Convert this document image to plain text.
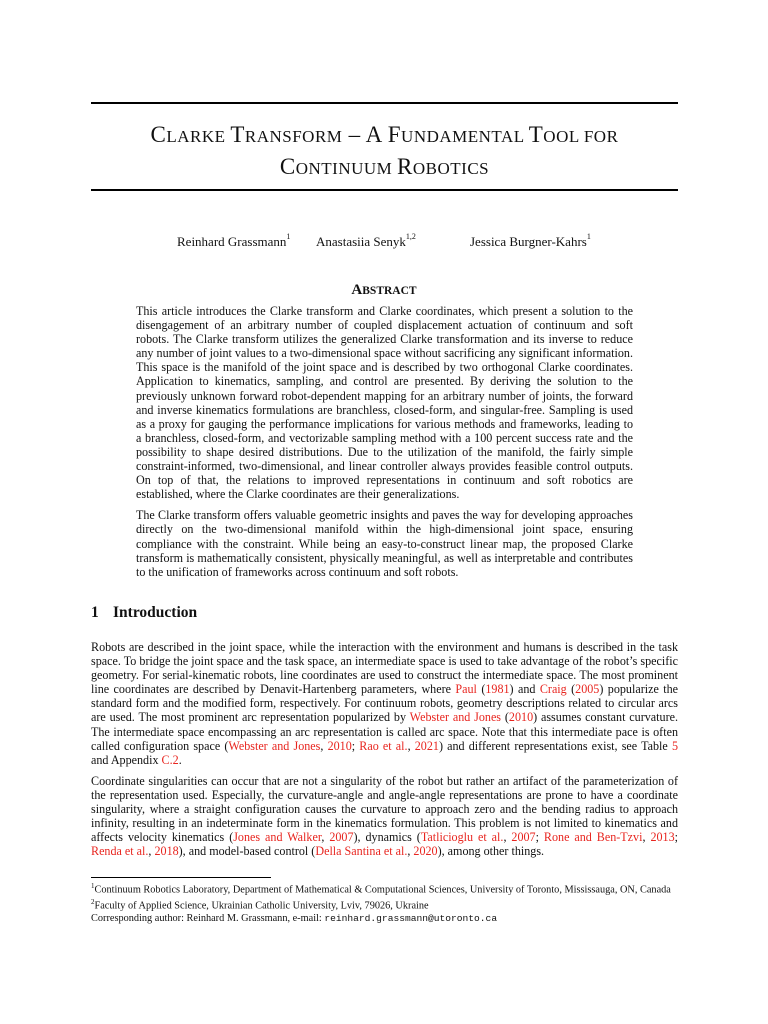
CLARKE TRANSFORM – A FUNDAMENTAL TOOL FOR
CONTINUUM ROBOTICS
Reinhard Grassmann$^1$ Anastasiia Senyk$^{1,2}$	Jessica Burgner-Kahrs$^1$
ABSTRACT

This article introduces the Clarke transform and Clarke coordinates, which present a solution to the disengagement of an arbitrary number of coupled displacement actuation of continuum and soft robots. The Clarke transform utilizes the generalized Clarke transformation and its inverse to reduce any number of joint values to a two-dimensional space without sacrificing any significant information. This space is the manifold of the joint space and is described by two orthogonal Clarke coordinates. Application to kinematics, sampling, and control are presented. By deriving the solution to the previously unknown forward robot-dependent mapping for an arbitrary number of joints, the forward and inverse kinematics formulations are branchless, closed-form, and singular-free. Sampling is used as a proxy for gauging the performance implications for various methods and frameworks, leading to a branchless, closed-form, and vectorizable sampling method with a 100 percent success rate and the possibility to shape desired distributions. Due to the utilization of the manifold, the fairly simple constraint-informed, two-dimensional, and linear controller always provides feasible control outputs. On top of that, the relations to improved representations in continuum and soft robotics are established, where the Clarke coordinates are their generalizations.

The Clarke transform offers valuable geometric insights and paves the way for developing approaches directly on the two-dimensional manifold within the high-dimensional joint space, ensuring compliance with the constraint. While being an easy-to-construct linear map, the proposed Clarke transform is mathematically consistent, physically meaningful, as well as interpretable and contributes to the unification of frameworks across continuum and soft robots.

1 Introduction

Robots are described in the joint space, while the interaction with the environment and humans is described in the task space. To bridge the joint space and the task space, an intermediate space is used to take advantage of the robot’s specific geometry. For serial-kinematic robots, line coordinates are used to construct the intermediate space. The most prominent line coordinates are described by Denavit-Hartenberg parameters, where Paul (1981) and Craig (2005) popularize the standard form and the modified form, respectively. For continuum robots, geometry descriptions related to circular arcs are used. The most prominent arc representation popularized by Webster and Jones (2010) assumes constant curvature. The intermediate space encompassing an arc representation is called arc space. Note that this intermediate pace is often called configuration space (Webster and Jones, 2010; Rao et al., 2021) and different representations exist, see Table 5 and Appendix C.2.

Coordinate singularities can occur that are not a singularity of the robot but rather an artifact of the parameterization of the representation used. Especially, the curvature-angle and angle-angle representations are prone to have a coordinate singularity, where a straight configuration causes the curvature to approach zero and the bending radius to approach infinity, resulting in an indeterminate form in the kinematics formulation. This problem is not limited to kinematics and affects velocity kinematics (Jones and Walker, 2007), dynamics (Tatlicioglu et al., 2007; Rone and Ben-Tzvi, 2013; Renda et al., 2018), and model-based control (Della Santina et al., 2020), among other things.

$^1$Continuum Robotics Laboratory, Department of Mathematical & Computational Sciences, University of Toronto, Mississauga, ON, Canada
$^2$Faculty of Applied Science, Ukrainian Catholic University, Lviv, 79026, Ukraine
Corresponding author: Reinhard M. Grassmann, e-mail: reinhard.grassmann@utoronto.ca
